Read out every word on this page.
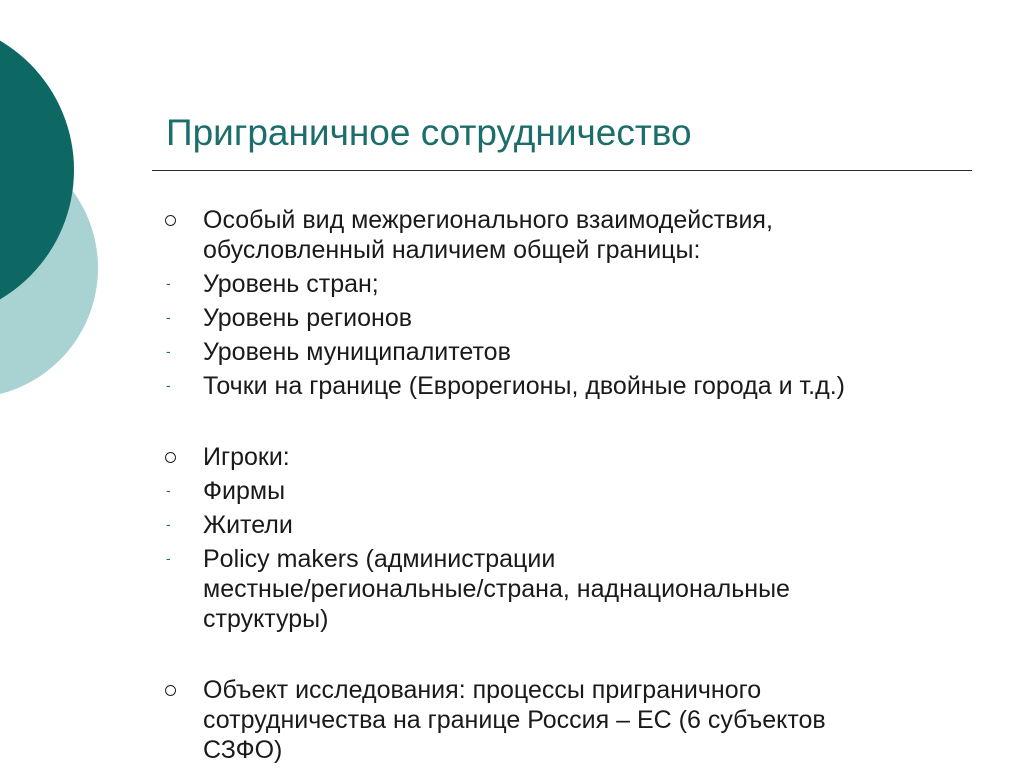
Приграничное сотрудничество
Особый вид межрегионального взаимодействия,
обусловленный наличием общей границы:
- Уровень стран;
- Уровень регионов
- Уровень муниципалитетов
- Точки на границе (Еврорегионы, двойные города и т.д.)
Игроки:
- Фирмы
- Жители
- Policy makers (администрации
местные/региональные/страна, наднациональные
структуры)
Объект исследования: процессы приграничного
сотрудничества на границе Россия – ЕС (6 субъектов
СЗФО)
